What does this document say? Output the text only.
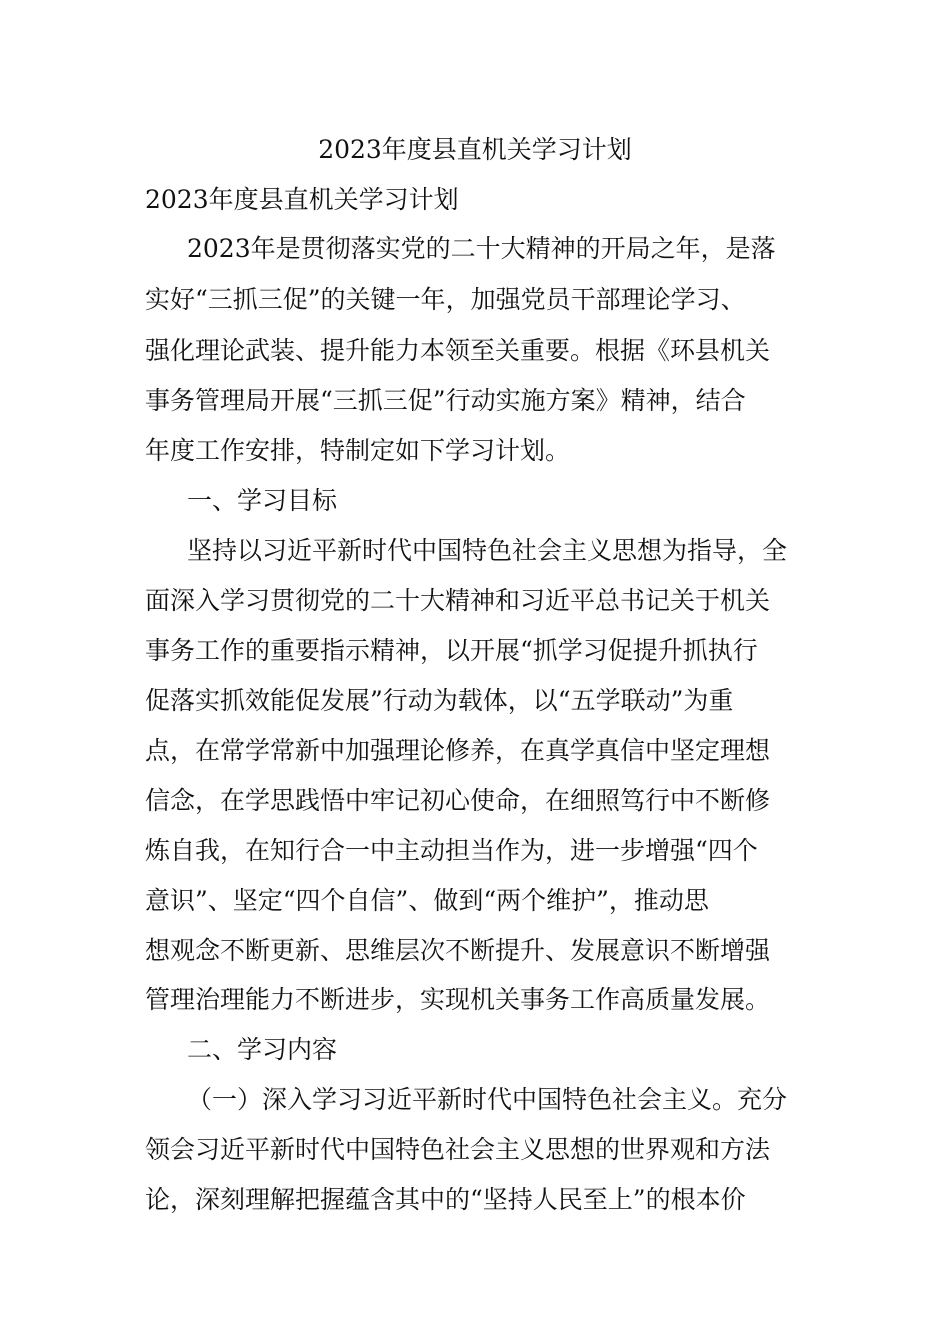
2023年度县直机关学习计划
2023年度县直机关学习计划
2023年是贯彻落实党的二十大精神的开局之年，是落
实好“三抓三促”的关键一年，加强党员干部理论学习、
强化理论武装、提升能力本领至关重要。根据《环县机关
事务管理局开展“三抓三促”行动实施方案》精神，结合
年度工作安排，特制定如下学习计划。
一、学习目标
坚持以习近平新时代中国特色社会主义思想为指导，全
面深入学习贯彻党的二十大精神和习近平总书记关于机关
事务工作的重要指示精神，以开展“抓学习促提升抓执行
促落实抓效能促发展”行动为载体，以“五学联动”为重
点，在常学常新中加强理论修养，在真学真信中坚定理想
信念，在学思践悟中牢记初心使命，在细照笃行中不断修
炼自我，在知行合一中主动担当作为，进一步增强“四个
意识”、坚定“四个自信”、做到“两个维护”，推动思
想观念不断更新、思维层次不断提升、发展意识不断增强
管理治理能力不断进步，实现机关事务工作高质量发展。
二、学习内容
（一）深入学习习近平新时代中国特色社会主义。充分
领会习近平新时代中国特色社会主义思想的世界观和方法
论，深刻理解把握蕴含其中的“坚持人民至上”的根本价
